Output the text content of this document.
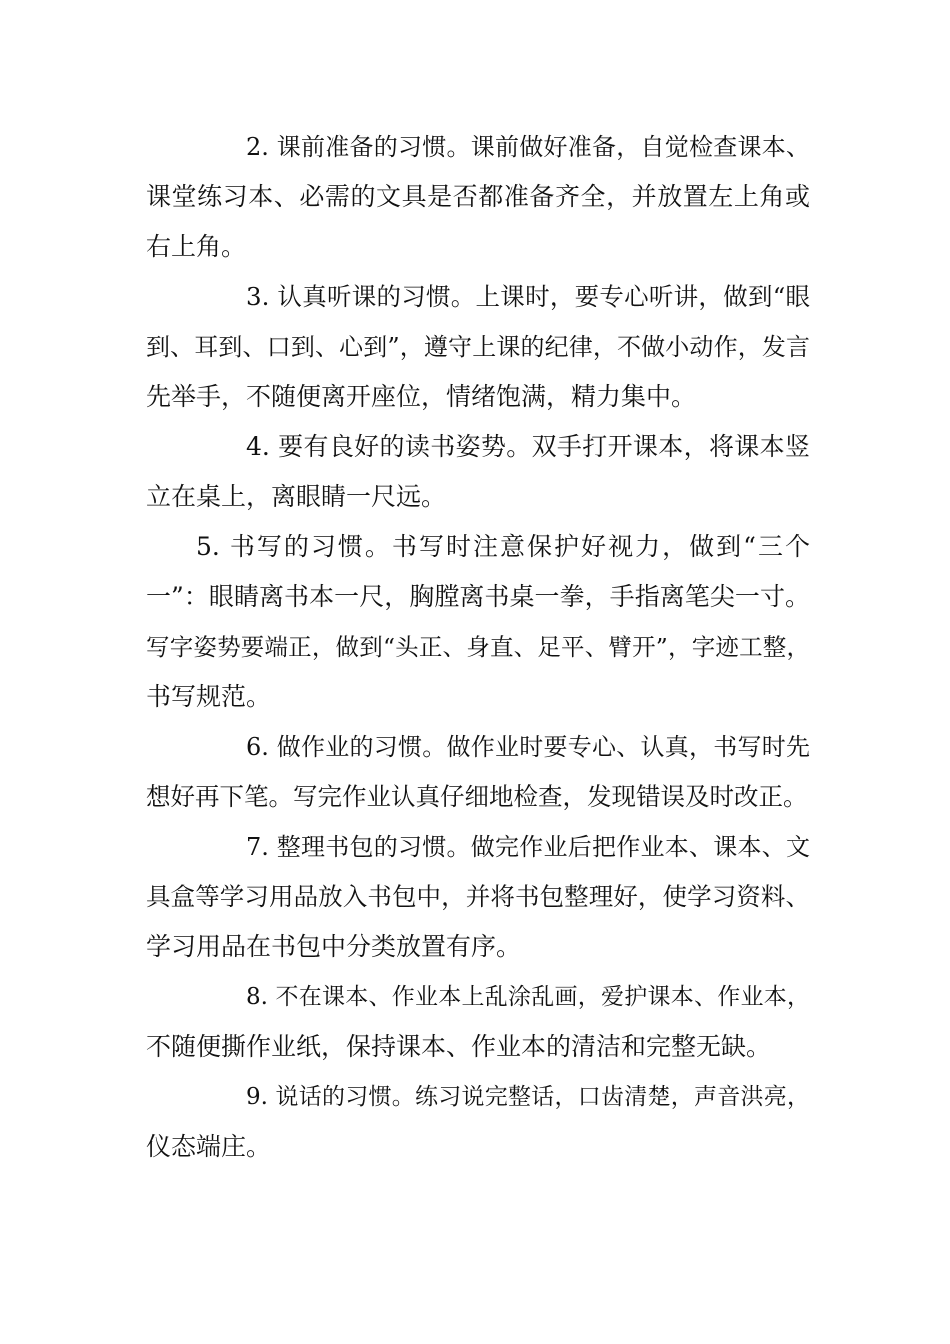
2. 课前准备的习惯。课前做好准备，自觉检查课本、
课堂练习本、必需的文具是否都准备齐全，并放置左上角或
右上角。
3. 认真听课的习惯。上课时，要专心听讲，做到“眼
到、耳到、口到、心到”，遵守上课的纪律，不做小动作，发言
先举手，不随便离开座位，情绪饱满，精力集中。
4. 要有良好的读书姿势。双手打开课本，将课本竖
立在桌上，离眼睛一尺远。
5. 书写的习惯。书写时注意保护好视力，做到“三个
一”：眼睛离书本一尺，胸膛离书桌一拳，手指离笔尖一寸。
写字姿势要端正，做到“头正、身直、足平、臂开”，字迹工整，
书写规范。
6. 做作业的习惯。做作业时要专心、认真，书写时先
想好再下笔。写完作业认真仔细地检查，发现错误及时改正。
7. 整理书包的习惯。做完作业后把作业本、课本、文
具盒等学习用品放入书包中，并将书包整理好，使学习资料、
学习用品在书包中分类放置有序。
8. 不在课本、作业本上乱涂乱画，爱护课本、作业本，
不随便撕作业纸，保持课本、作业本的清洁和完整无缺。
9. 说话的习惯。练习说完整话，口齿清楚，声音洪亮，
仪态端庄。
